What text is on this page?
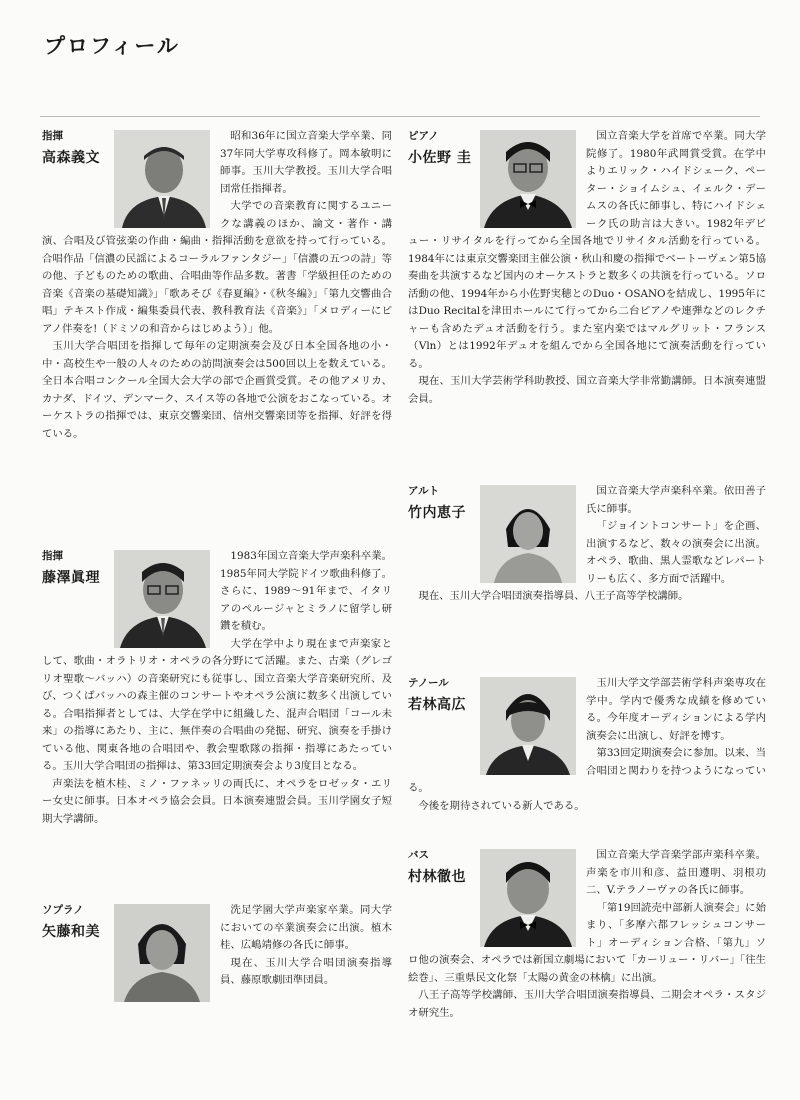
プロフィール
指揮
高森義文

昭和36年に国立音楽大学卒業、同37年同大学専攻科修了。岡本敏明に師事。玉川大学教授。玉川大学合唱団常任指揮者。

大学での音楽教育に関するユニークな講義のほか、論文・著作・講演、合唱及び管弦楽の作曲・編曲・指揮活動を意欲を持って行っている。合唱作品「信濃の民謡によるコーラルファンタジー」「信濃の五つの詩」等の他、子どものための歌曲、合唱曲等作品多数。著書「学級担任のための音楽《音楽の基礎知識》」「歌あそび《春夏編》・《秋冬編》」「第九交響曲合唱」テキスト作成・編集委員代表、教科教育法《音楽》」「メロディーにピアノ伴奏を!（ドミソの和音からはじめよう）」他。

玉川大学合唱団を指揮して毎年の定期演奏会及び日本全国各地の小・中・高校生や一般の人々のための訪問演奏会は500回以上を数えている。全日本合唱コンクール全国大会大学の部で企画賞受賞。その他アメリカ、カナダ、ドイツ、デンマーク、スイス等の各地で公演をおこなっている。オーケストラの指揮では、東京交響楽団、信州交響楽団等を指揮、好評を得ている。

指揮
藤澤眞理

1983年国立音楽大学声楽科卒業。1985年同大学院ドイツ歌曲科修了。さらに、1989～91年まで、イタリアのペルージャとミラノに留学し研鑽を積む。

大学在学中より現在まで声楽家として、歌曲・オラトリオ・オペラの各分野にて活躍。また、古楽（グレゴリオ聖歌～バッハ）の音楽研究にも従事し、国立音楽大学音楽研究所、及び、つくばバッハの森主催のコンサートやオペラ公演に数多く出演している。合唱指揮者としては、大学在学中に組織した、混声合唱団「コール未来」の指導にあたり、主に、無伴奏の合唱曲の発掘、研究、演奏を手掛けている他、関東各地の合唱団や、教会聖歌隊の指揮・指導にあたっている。玉川大学合唱団の指揮は、第33回定期演奏会より3度目となる。

声楽法を植木桂、ミノ・ファネッリの両氏に、オペラをロゼッタ・エリー女史に師事。日本オペラ協会会員。日本演奏連盟会員。玉川学園女子短期大学講師。

ソプラノ
矢藤和美

洗足学園大学声楽家卒業。同大学においての卒業演奏会に出演。植木桂、広嶋靖修の各氏に師事。

現在、玉川大学合唱団演奏指導員、藤原歌劇団準団員。

ピアノ
小佐野 圭

国立音楽大学を首席で卒業。同大学院修了。1980年武岡賞受賞。在学中よりエリック・ハイドシェーク、ペーター・ショイムシュ、イェルク・デームスの各氏に師事し、特にハイドシェーク氏の助言は大きい。1982年デビュー・リサイタルを行ってから全国各地でリサイタル活動を行っている。1984年には東京交響楽団主催公演・秋山和慶の指揮でベートーヴェン第5協奏曲を共演するなど国内のオーケストラと数多くの共演を行っている。ソロ活動の他、1994年から小佐野実穂とのDuo・OSANOを結成し、1995年にはDuo Recitalを津田ホールにて行ってから二台ピアノや連弾などのレクチャーも含めたデュオ活動を行う。また室内楽ではマルグリット・フランス（Vln）とは1992年デュオを組んでから全国各地にて演奏活動を行っている。

現在、玉川大学芸術学科助教授、国立音楽大学非常勤講師。日本演奏連盟会員。

アルト
竹内恵子

国立音楽大学声楽科卒業。依田善子氏に師事。

「ジョイントコンサート」を企画、出演するなど、数々の演奏会に出演。オペラ、歌曲、黒人霊歌などレパートリーも広く、多方面で活躍中。

現在、玉川大学合唱団演奏指導員、八王子高等学校講師。

テノール
若林高広

玉川大学文学部芸術学科声楽専攻在学中。学内で優秀な成績を修めている。今年度オーディションによる学内演奏会に出演し、好評を博す。

第33回定期演奏会に参加。以来、当合唱団と関わりを持つようになっている。

今後を期待されている新人である。

バス
村林徹也

国立音楽大学音楽学部声楽科卒業。声楽を市川和彦、益田遵明、羽根功二、V.テラノーヴァの各氏に師事。

「第19回読売中部新人演奏会」に始まり、「多摩六都フレッシュコンサート」オーディション合格、「第九」ソロ他の演奏会、オペラでは新国立劇場において「カーリュー・リバー」「往生絵巻」、三重県民文化祭「太陽の黄金の林檎」に出演。

八王子高等学校講師、玉川大学合唱団演奏指導員、二期会オペラ・スタジオ研究生。
